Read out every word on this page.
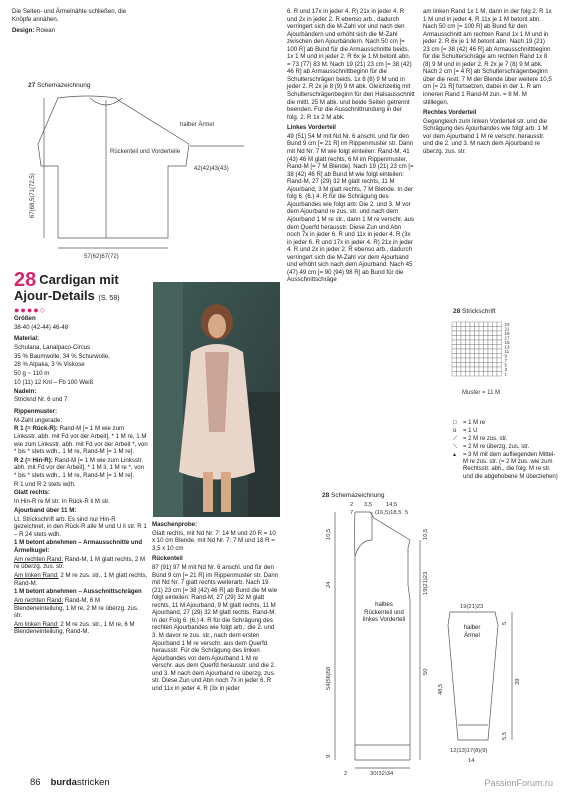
Die Seiten- und Ärmelnähte schließen, die Knöpfe annähen.

Design: Rowan

27 Schemazeichnung
halber Ärmel
Rückenteil und Vorderteile
67(68,5)71(72,5)
42(42)43(43)
57(62)67(72)
28 Cardigan mit
Ajour-Details (S. 58)
●●●●○

Größen

38-40 (42-44) 46-48

Material:

Schulana, Lanalpaco-Circus

35 % Baumwolle, 34 % Schurwolle,

28 % Alpaka, 3 % Viskose

50 g ~ 110 m

10 (11) 12 Knl – Fb 100 Weiß

Nadeln:

Stricknd Nr. 6 und 7

Rippenmuster:

M-Zahl ungerade:

R 1 (= Rück-R): Rand-M [= 1 M wie zum Linksstr. abh. mit Fd vor der Arbeit], * 1 M re, 1 M wie zum Linksstr. abh. mit Fd vor der Arbeit *, von * bis * stets wdh., 1 M re, Rand-M [= 1 M re].

R 2 (= Hin-R): Rand-M [= 1 M wie zum Linksstr. abh. mit Fd vor der Arbeit], * 1 M li, 1 M re *, von * bis * stets wdh., 1 M re, Rand-M [= 1 M re].

R 1 und R 2 stets wdh.

Glatt rechts:

In Hin-R re M str. In Rück-R li M str.

Ajourband über 11 M:

Lt. Strickschrift arb. Es sind nur Hin-R gezeichnet, in den Rück-R alle M und U li str. R 1 – R 24 stets wdh.

1 M betont abnehmen – Armausschnitte und Ärmelkugel:

Am rechten Rand: Rand-M, 1 M glatt rechts, 2 M re überzg. zus. str.

Am linken Rand: 2 M re zus. str., 1 M glatt rechts, Rand-M.

1 M betont abnehmen – Ausschnittschrägen

Am rechten Rand: Rand-M, 6 M Blendeneinteilung, 1 M re, 2 M re überzg. zus. str.

Am linken Rand: 2 M re zus. str., 1 M re, 6 M Blendeneinteilung, Rand-M.

Maschenprobe:

Glatt rechts, mit Nd Nr. 7: 14 M und 20 R = 10 x 10 cm Blende, mit Nd Nr. 7: 7 M und 18 R = 3,5 x 10 cm

Rückenteil

87 (91) 97 M mit Nd Nr. 6 anschl. und für den Bund 9 cm [= 21 R] im Rippenmuster str. Dann mit Nd Nr. 7 glatt rechts weiterarb. Nach 19 (21) 23 cm [= 38 (42) 46 R] ab Bund die M wie folgt einteilen: Rand-M, 27 (29) 32 M glatt rechts, 11 M Ajourband, 9 M glatt rechts, 11 M Ajourband, 27 (29) 32 M glatt rechts, Rand-M. In der Folg 6. (6.) 4. R für die Schrägung des rechten Ajourbandes wie folgt arb.: die 2. und 3. M davor re zus. str., nach dem ersten Ajourband 1 M re verschr. aus dem Querfd herausstr. Für die Schrägung des linken Ajourbandes vor dem Ajourband 1 M re verschr. aus dem Querfd herausstr. und die 2. und 3. M nach dem Ajourband re überzg. zus. str. Diese Zun und Abn noch 7x in jeder 6. R und 11x in jeder 4. R (3x in jeder

6. R und 17x in jeder 4. R) 21x in jeder 4. R und 2x in jeder 2. R ebenso arb., dadurch verringert sich die M-Zahl vor und nach den Ajourbändern und erhöht sich die M-Zahl zwischen den Ajourbändern. Nach 50 cm [= 100 R] ab Bund für die Armausschnitte beids. 1x 1 M und in jeder 2. R 6x je 1 M betont abn. = 73 (77) 83 M. Nach 19 (21) 23 cm [= 38 (42) 46 R] ab Armausschnittbeginn für die Schulterschrägen beids. 1x 8 (8) 9 M und in jeder 2. R 2x je 8 (9) 9 M abk. Gleichzeitig mit Schulterschrägenbeginn für den Halsausschnitt die mittl. 25 M abk. und beide Seiten getrennt beenden. Für die Ausschnittrundung in der folg. 2. R 1x 2 M abk.

Linkes Vorderteil

49 (51) 54 M mit Nd Nr. 6 anschl. und für den Bund 9 cm [= 21 R] im Rippenmuster str. Dann mit Nd Nr. 7 M wie folgt einteilen: Rand-M, 41 (43) 46 M glatt rechts, 6 M im Rippenmuster, Rand-M [= 7 M Blende]. Nach 19 (21) 23 cm [= 38 (42) 46 R] ab Bund M wie folgt einteilen: Rand-M, 27 (29) 32 M glatt rechts, 11 M Ajourband, 3 M glatt rechts, 7 M Blende. In der folg 6. (6.) 4. R für die Schrägung des Ajourbandes wie folgt arb: Die 2. und 3. M vor dem Ajourband re zus. str. und nach dem Ajourband 1 M re str., dann 1 M re verschr. aus dem Querfd herausstr. Diese Zun und Abn noch 7x in jeder 6. R und 11x in jeder 4. R (3x in jeder 6. R und 17x in jeder 4. R) 21x in jeder 4. R und 2x in jeder 2. R ebenso arb., dadurch verringert sich die M-Zahl vor dem Ajourband und erhöht sich nach dem Ajourband. Nach 45 (47) 49 cm [= 90 (94) 98 R] ab Bund für die Ausschnittschräge

am linken Rand 1x 1 M, dann in der folg 2. R 1x 1 M und in jeder 4. R 11x je 1 M betont abn. Nach 50 cm [= 100 R] ab Bund für den Armausschnitt am rechten Rand 1x 1 M und in jeder 2. R 6x je 1 M betont abn. Nach 19 (21) 23 cm [= 38 (42) 46 R] ab Armausschnittbeginn für die Schulterschräge am rechten Rand 1x 8 (8) 9 M und in jeder 2. R 2x je 7 (8) 9 M abk. Nach 2 cm [= 4 R] ab Schulterschrägenbeginn über die restl. 7 M der Blende über weitere 10,5 cm [= 21 R] fortsetzen, dabei in der 1. R am inneren Rand 1 Rand-M zun. = 8 M. M stilllegen.

Rechtes Vorderteil

Gegengleich zum linken Vorderteil str. und die Schrägung des Ajourbandes wie folgt arb: 1 M vor dem Ajourband 1 M re verschr. herausstr. und die 2. und 3. M nach dem Ajourband re überzg. zus. str.

28 Strickschrift
23
21
19
17
15
13
11
9
7
5
3
1
Muster = 11 M
□	= 1 M re
o	= 1 U
⟋ = 2 M re zus. str.
⟍ = 2 M re überzg. zus. str.
▴	= 3 M mit dem aufliegenden Mittel-M re zus. str. (= 2 M zus. wie zum Rechtsstr. abh., die folg. M re str. und die abgehobene M überziehen)
28 Schemazeichnung
2 3,5 14,5
7	(16,5)18,5 5
10,5
24
54(56)58
9
19(21)23
10,5
50
30(32)34
2
19(21)23
5
48,5
39
5,5
12(13)17(8)(9)
14
halbes Rückenteil und linkes Vorderteil
halber Ärmel
86 burdastricken	PassionForum.ru
